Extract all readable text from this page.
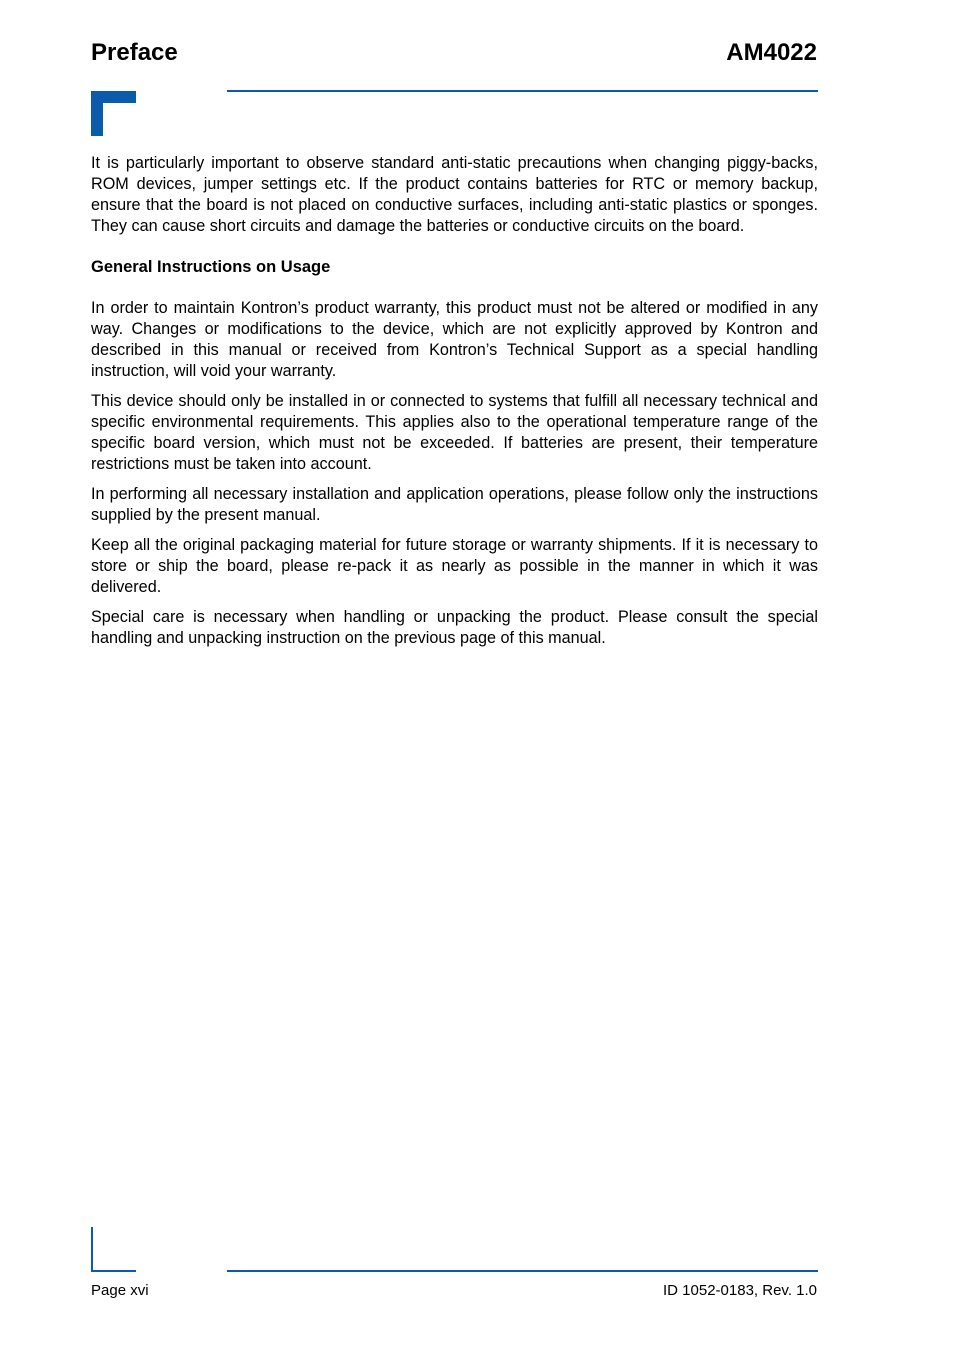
Preface	AM4022

It is particularly important to observe standard anti-static precautions when changing piggy-backs, ROM devices, jumper settings etc. If the product contains batteries for RTC or memory backup, ensure that the board is not placed on conductive surfaces, including anti-static plastics or sponges. They can cause short circuits and damage the batteries or conductive circuits on the board.

General Instructions on Usage

In order to maintain Kontron’s product warranty, this product must not be altered or modified in any way. Changes or modifications to the device, which are not explicitly approved by Kontron and described in this manual or received from Kontron’s Technical Support as a special handling instruction, will void your warranty.

This device should only be installed in or connected to systems that fulfill all necessary technical and specific environmental requirements. This applies also to the operational temperature range of the specific board version, which must not be exceeded. If batteries are present, their temperature restrictions must be taken into account.

In performing all necessary installation and application operations, please follow only the instructions supplied by the present manual.

Keep all the original packaging material for future storage or warranty shipments. If it is necessary to store or ship the board, please re-pack it as nearly as possible in the manner in which it was delivered.

Special care is necessary when handling or unpacking the product. Please consult the special handling and unpacking instruction on the previous page of this manual.

Page xvi	ID 1052-0183, Rev. 1.0
